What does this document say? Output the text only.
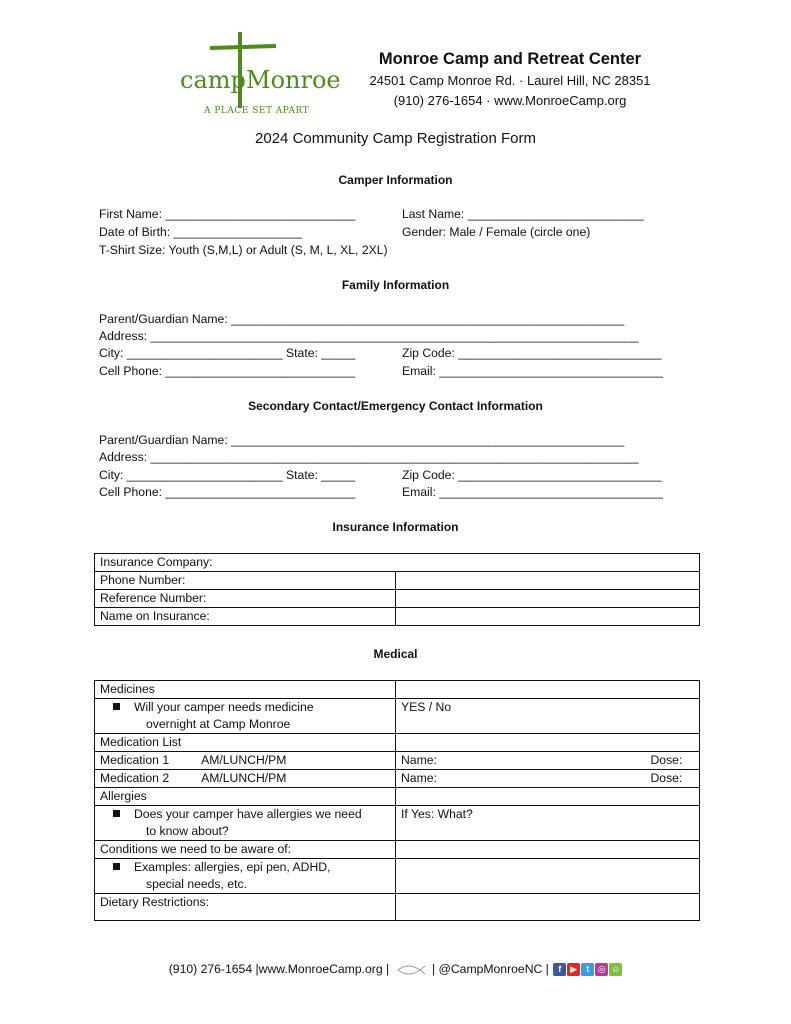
camp Monroe
A PLACE SET APART
Monroe Camp and Retreat Center
24501 Camp Monroe Rd. · Laurel Hill, NC 28351
(910) 276-1654 · www.MonroeCamp.org
2024 Community Camp Registration Form
Camper Information
First Name: ____________________________	Last Name: __________________________
Date of Birth: ___________________	Gender: Male / Female (circle one)
T-Shirt Size: Youth (S,M,L) or Adult (S, M, L, XL, 2XL)
Family Information
Parent/Guardian Name: __________________________________________________________
Address: ________________________________________________________________________
City: _______________________ State: _____	Zip Code: ______________________________
Cell Phone: ____________________________	Email: _________________________________
Secondary Contact/Emergency Contact Information
Parent/Guardian Name: __________________________________________________________
Address: ________________________________________________________________________
City: _______________________ State: _____	Zip Code: ______________________________
Cell Phone: ____________________________	Email: _________________________________
Insurance Information
Insurance Company:	
Phone Number:	
Reference Number:	
Name on Insurance:	
Medical
Medicines	
Will your camper needs medicine
overnight at Camp Monroe	YES / No
Medication List	
Medication 1 AM/LUNCH/PM	Name: Dose:

Medication 2 AM/LUNCH/PM	Name: Dose:

Allergies	
Does your camper have allergies we need
to know about?	If Yes: What?
Conditions we need to be aware of:	
Examples: allergies, epi pen, ADHD,
special needs, etc.	
Dietary Restrictions:	
(910) 276-1654 |www.MonroeCamp.org |	| @CampMonroeNC | f ▶ t ◎ ☺
